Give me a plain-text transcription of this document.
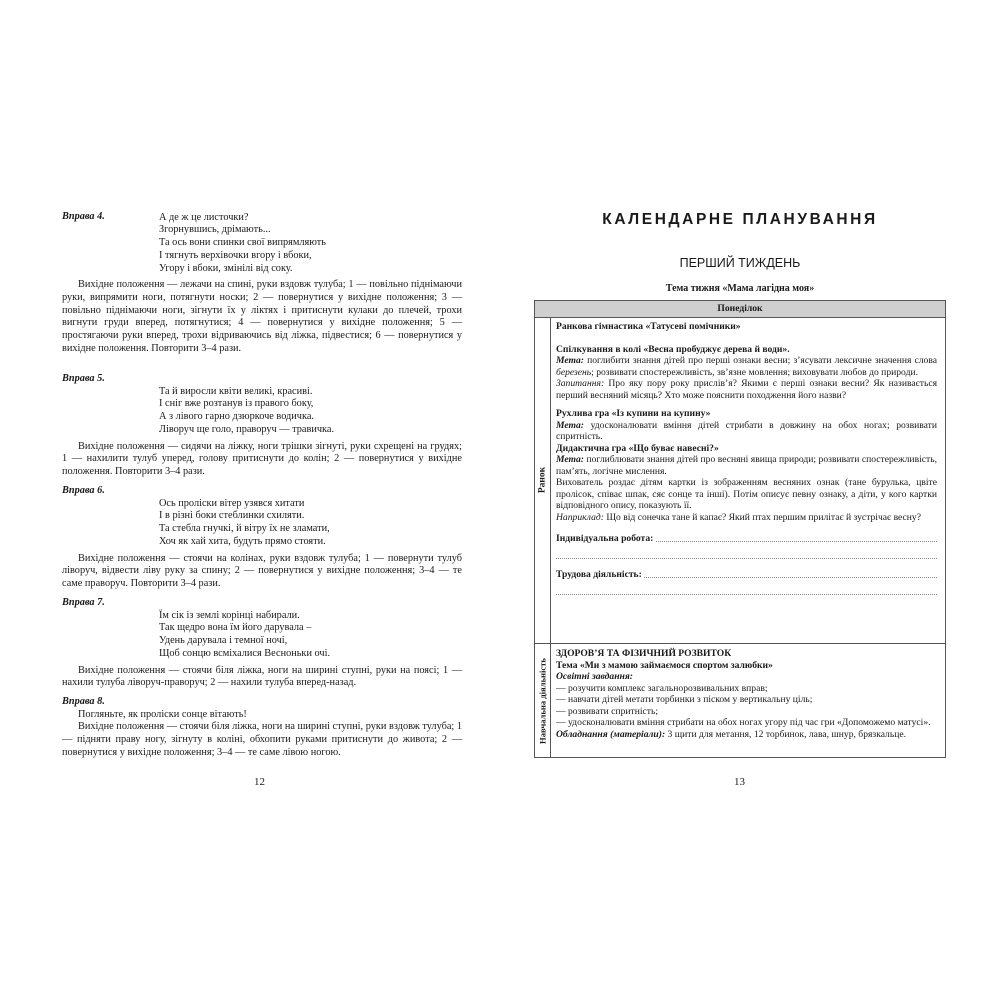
Вправа 4.	А де ж це листочки?
Згорнувшись, дрімають...
Та ось вони спинки свої випрямляють
І тягнуть верхівочки вгору і вбоки,
Угору і вбоки, змінілі від соку.

Вихідне положення — лежачи на спині, руки вздовж тулуба; 1 — повільно піднімаючи руки, випрямити ноги, потягнути носки; 2 — повернутися у вихідне положення; 3 — повільно піднімаючи ноги, зігнути їх у ліктях і притиснути кулаки до плечей, трохи вигнути груди вперед, потягнутися; 4 — повернутися у вихідне положення; 5 — простягаючи руки вперед, трохи відриваючись від ліжка, підвестися; 6 — повернутися у вихідне положення. Повторити 3–4 рази.

Вправа 5.
Та й виросли квіти великі, красиві.
І сніг вже розтанув із правого боку,
А з лівого гарно дзюркоче водичка.
Ліворуч ще голо, праворуч — травичка.

Вихідне положення — сидячи на ліжку, ноги трішки зігнуті, руки схрещені на грудях; 1 — нахилити тулуб уперед, голову притиснути до колін; 2 — повернутися у вихідне положення. Повторити 3–4 рази.

Вправа 6.
Ось пролiски вітер узявся хитати
І в різні боки стеблинки схиляти.
Та стебла гнучкі, й вітру їх не зламати,
Хоч як хай хита, будуть прямо стояти.

Вихідне положення — стоячи на колінах, руки вздовж тулуба; 1 — повернути тулуб ліворуч, відвести ліву руку за спину; 2 — повернутися у вихідне положення; 3–4 — те саме праворуч. Повторити 3–4 рази.

Вправа 7.
Їм сік із землі корінці набирали.
Так щедро вона їм його дарувала –
Удень дарувала і темної ночі,
Щоб сонцю всміхалися Весноньки очі.

Вихідне положення — стоячи біля ліжка, ноги на ширині ступні, руки на поясі; 1 — нахили тулуба ліворуч-праворуч; 2 — нахили тулуба вперед-назад.

Вправа 8.

Погляньте, як пролiски сонце вітають!

Вихідне положення — стоячи біля ліжка, ноги на ширині ступні, руки вздовж тулуба; 1 — підняти праву ногу, зігнуту в коліні, обхопити руками притиснути до живота; 2 — повернутися у вихідне положення; 3–4 — те саме лівою ногою.

12
КАЛЕНДАРНЕ ПЛАНУВАННЯ
ПЕРШИЙ ТИЖДЕНЬ
Тема тижня «Мама лагідна моя»
Понеділок
Ранок

Ранкова гімнастика «Татусеві помічники»

Спілкування в колі «Весна пробуджує дерева й води».

Мета: поглибити знання дітей про перші ознаки весни; з’ясувати лексичне значення слова березень; розвивати спостережливість, зв’язне мовлення; виховувати любов до природи.

Запитання: Про яку пору року прислів’я? Якими є перші ознаки весни? Як називається перший весняний місяць? Хто може пояснити походження його назви?

Рухлива гра «Із купини на купину»

Мета: удосконалювати вміння дітей стрибати в довжину на обох ногах; розвивати спритність.

Дидактична гра «Що буває навесні?»

Мета: поглиблювати знання дітей про весняні явища природи; розвивати спостережливість, пам’ять, логічне мислення.

Вихователь роздає дітям картки із зображенням весняних ознак (тане бурулька, цвіте пролісок, співає шпак, сяє сонце та інші). Потім описує певну ознаку, а діти, у кого картки відповідного опису, показують її.

Наприклад: Що від сонечка тане й капає? Який птах першим прилітає й зустрічає весну?

Індивідуальна робота:
Трудова діяльність:
Навчальна діяльність

ЗДОРОВ’Я ТА ФІЗИЧНИЙ РОЗВИТОК

Тема «Ми з мамою займаємося спортом залюбки»

Освітні завдання:

— розучити комплекс загальнорозвивальних вправ;

— навчати дітей метати торбинки з піском у вертикальну ціль;

— розвивати спритність;

— удосконалювати вміння стрибати на обох ногах угору під час гри «Допоможемо матусі».

Обладнання (матеріали): 3 щити для метання, 12 торбинок, лава, шнур, брязкальце.

13
